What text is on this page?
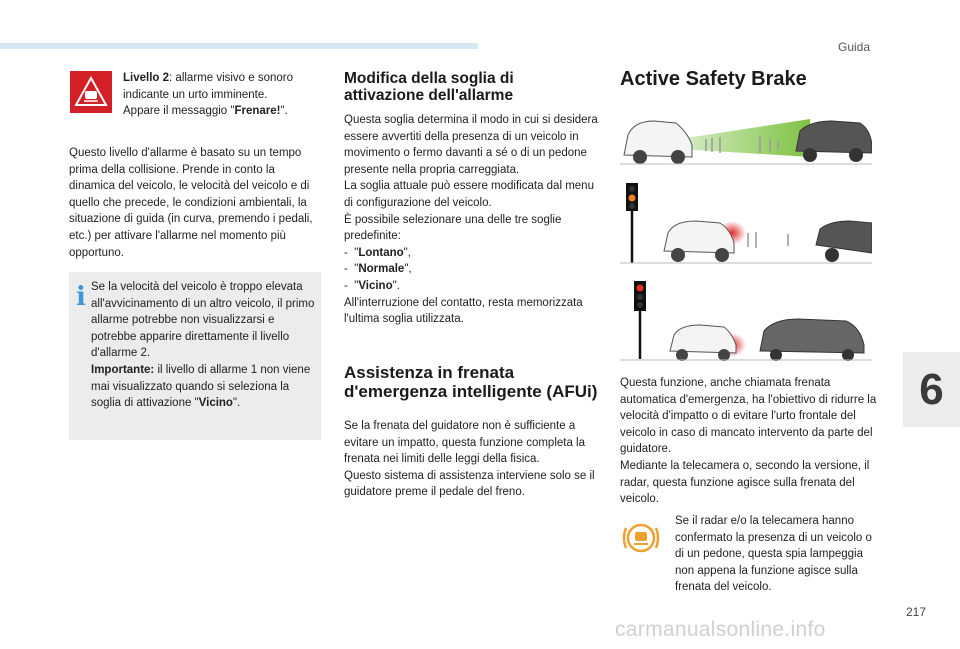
Guida
Livello 2: allarme visivo e sonoro indicante un urto imminente.
Appare il messaggio "Frenare!".
Questo livello d'allarme è basato su un tempo prima della collisione. Prende in conto la dinamica del veicolo, le velocità del veicolo e di quello che precede, le condizioni ambientali, la situazione di guida (in curva, premendo i pedali, etc.) per attivare l'allarme nel momento più opportuno.
i Se la velocità del veicolo è troppo elevata all'avvicinamento di un altro veicolo, il primo allarme potrebbe non visualizzarsi e potrebbe apparire direttamente il livello d'allarme 2.
Importante: il livello di allarme 1 non viene mai visualizzato quando si seleziona la soglia di attivazione "Vicino".
Modifica della soglia di attivazione dell'allarme
Questa soglia determina il modo in cui si desidera essere avvertiti della presenza di un veicolo in movimento o fermo davanti a sé o di un pedone presente nella propria carreggiata.
La soglia attuale può essere modificata dal menu di configurazione del veicolo.
È possibile selezionare una delle tre soglie predefinite:
-  "Lontano",
-  "Normale",
-  "Vicino".
All'interruzione del contatto, resta memorizzata l'ultima soglia utilizzata.
Assistenza in frenata d'emergenza intelligente (AFUi)
Se la frenata del guidatore non è sufficiente a evitare un impatto, questa funzione completa la frenata nei limiti delle leggi della fisica.
Questo sistema di assistenza interviene solo se il guidatore preme il pedale del freno.
Active Safety Brake
Questa funzione, anche chiamata frenata automatica d'emergenza, ha l'obiettivo di ridurre la velocità d'impatto o di evitare l'urto frontale del veicolo in caso di mancato intervento da parte del guidatore.
Mediante la telecamera o, secondo la versione, il radar, questa funzione agisce sulla frenata del veicolo.
Se il radar e/o la telecamera hanno confermato la presenza di un veicolo o di un pedone, questa spia lampeggia non appena la funzione agisce sulla frenata del veicolo.
6
217
carmanualsonline.info
